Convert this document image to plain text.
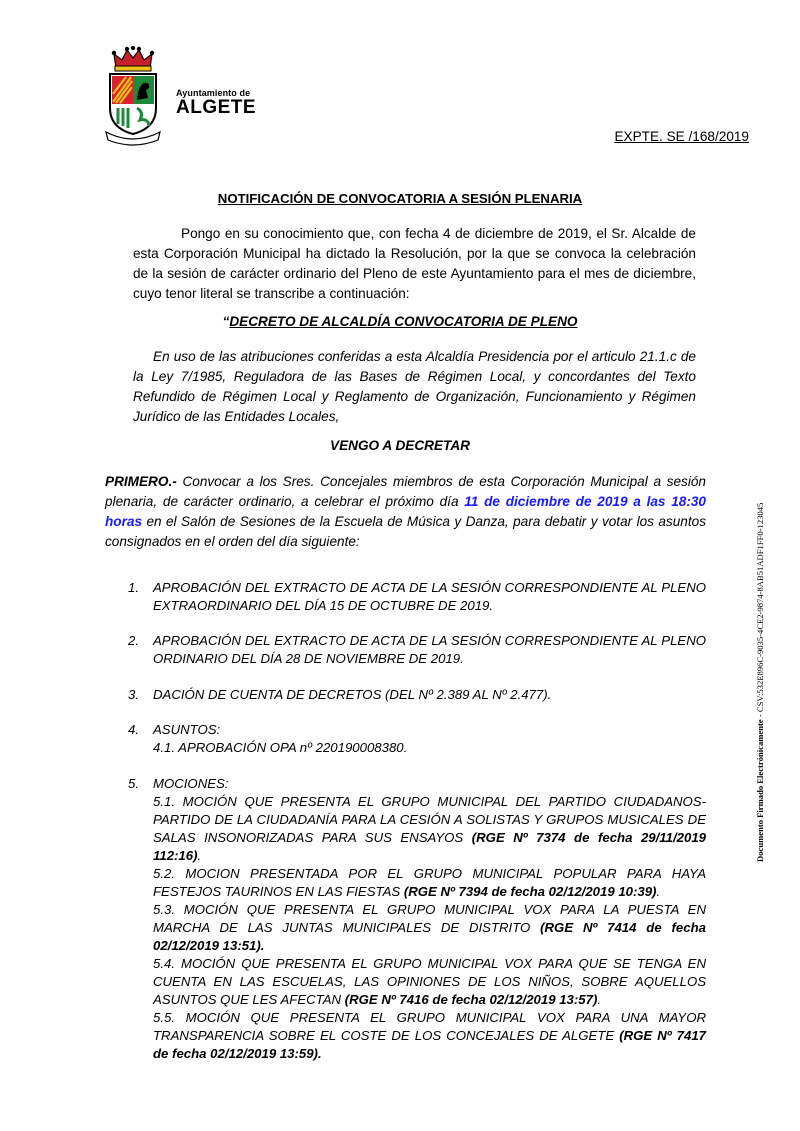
Ayuntamiento de
ALGETE
EXPTE. SE /168/2019
NOTIFICACIÓN DE CONVOCATORIA A SESIÓN PLENARIA
Pongo en su conocimiento que, con fecha 4 de diciembre de 2019, el Sr. Alcalde de esta Corporación Municipal ha dictado la Resolución, por la que se convoca la celebración de la sesión de carácter ordinario del Pleno de este Ayuntamiento para el mes de diciembre, cuyo tenor literal se transcribe a continuación:
“DECRETO DE ALCALDÍA CONVOCATORIA DE PLENO
En uso de las atribuciones conferidas a esta Alcaldía Presidencia por el articulo 21.1.c de la Ley 7/1985, Reguladora de las Bases de Régimen Local, y concordantes del Texto Refundido de Régimen Local y Reglamento de Organización, Funcionamiento y Régimen Jurídico de las Entidades Locales,
VENGO A DECRETAR
PRIMERO.- Convocar a los Sres. Concejales miembros de esta Corporación Municipal a sesión plenaria, de carácter ordinario, a celebrar el próximo día 11 de diciembre de 2019 a las 18:30 horas en el Salón de Sesiones de la Escuela de Música y Danza, para debatir y votar los asuntos consignados en el orden del día siguiente:
1. APROBACIÓN DEL EXTRACTO DE ACTA DE LA SESIÓN CORRESPONDIENTE AL PLENO EXTRAORDINARIO DEL DÍA 15 DE OCTUBRE DE 2019.
2. APROBACIÓN DEL EXTRACTO DE ACTA DE LA SESIÓN CORRESPONDIENTE AL PLENO ORDINARIO DEL DÍA 28 DE NOVIEMBRE DE 2019.
3. DACIÓN DE CUENTA DE DECRETOS (DEL Nº 2.389 AL Nº 2.477).
4. ASUNTOS:
4.1. APROBACIÓN OPA nº 220190008380.
5. MOCIONES:
5.1. MOCIÓN QUE PRESENTA EL GRUPO MUNICIPAL DEL PARTIDO CIUDADANOS-PARTIDO DE LA CIUDADANÍA PARA LA CESIÓN A SOLISTAS Y GRUPOS MUSICALES DE SALAS INSONORIZADAS PARA SUS ENSAYOS (RGE Nº 7374 de fecha 29/11/2019 112:16).
5.2. MOCION PRESENTADA POR EL GRUPO MUNICIPAL POPULAR PARA HAYA FESTEJOS TAURINOS EN LAS FIESTAS (RGE Nº 7394 de fecha 02/12/2019 10:39).
5.3. MOCIÓN QUE PRESENTA EL GRUPO MUNICIPAL VOX PARA LA PUESTA EN MARCHA DE LAS JUNTAS MUNICIPALES DE DISTRITO (RGE Nº 7414 de fecha 02/12/2019 13:51).
5.4. MOCIÓN QUE PRESENTA EL GRUPO MUNICIPAL VOX PARA QUE SE TENGA EN CUENTA EN LAS ESCUELAS, LAS OPINIONES DE LOS NIÑOS, SOBRE AQUELLOS ASUNTOS QUE LES AFECTAN (RGE Nº 7416 de fecha 02/12/2019 13:57).
5.5. MOCIÓN QUE PRESENTA EL GRUPO MUNICIPAL VOX PARA UNA MAYOR TRANSPARENCIA SOBRE EL COSTE DE LOS CONCEJALES DE ALGETE (RGE Nº 7417 de fecha 02/12/2019 13:59).
Documento Firmado Electrónicamente - CSV:532E896C-9035-4CE2-9874-8AB51ADF1FF0-123045
